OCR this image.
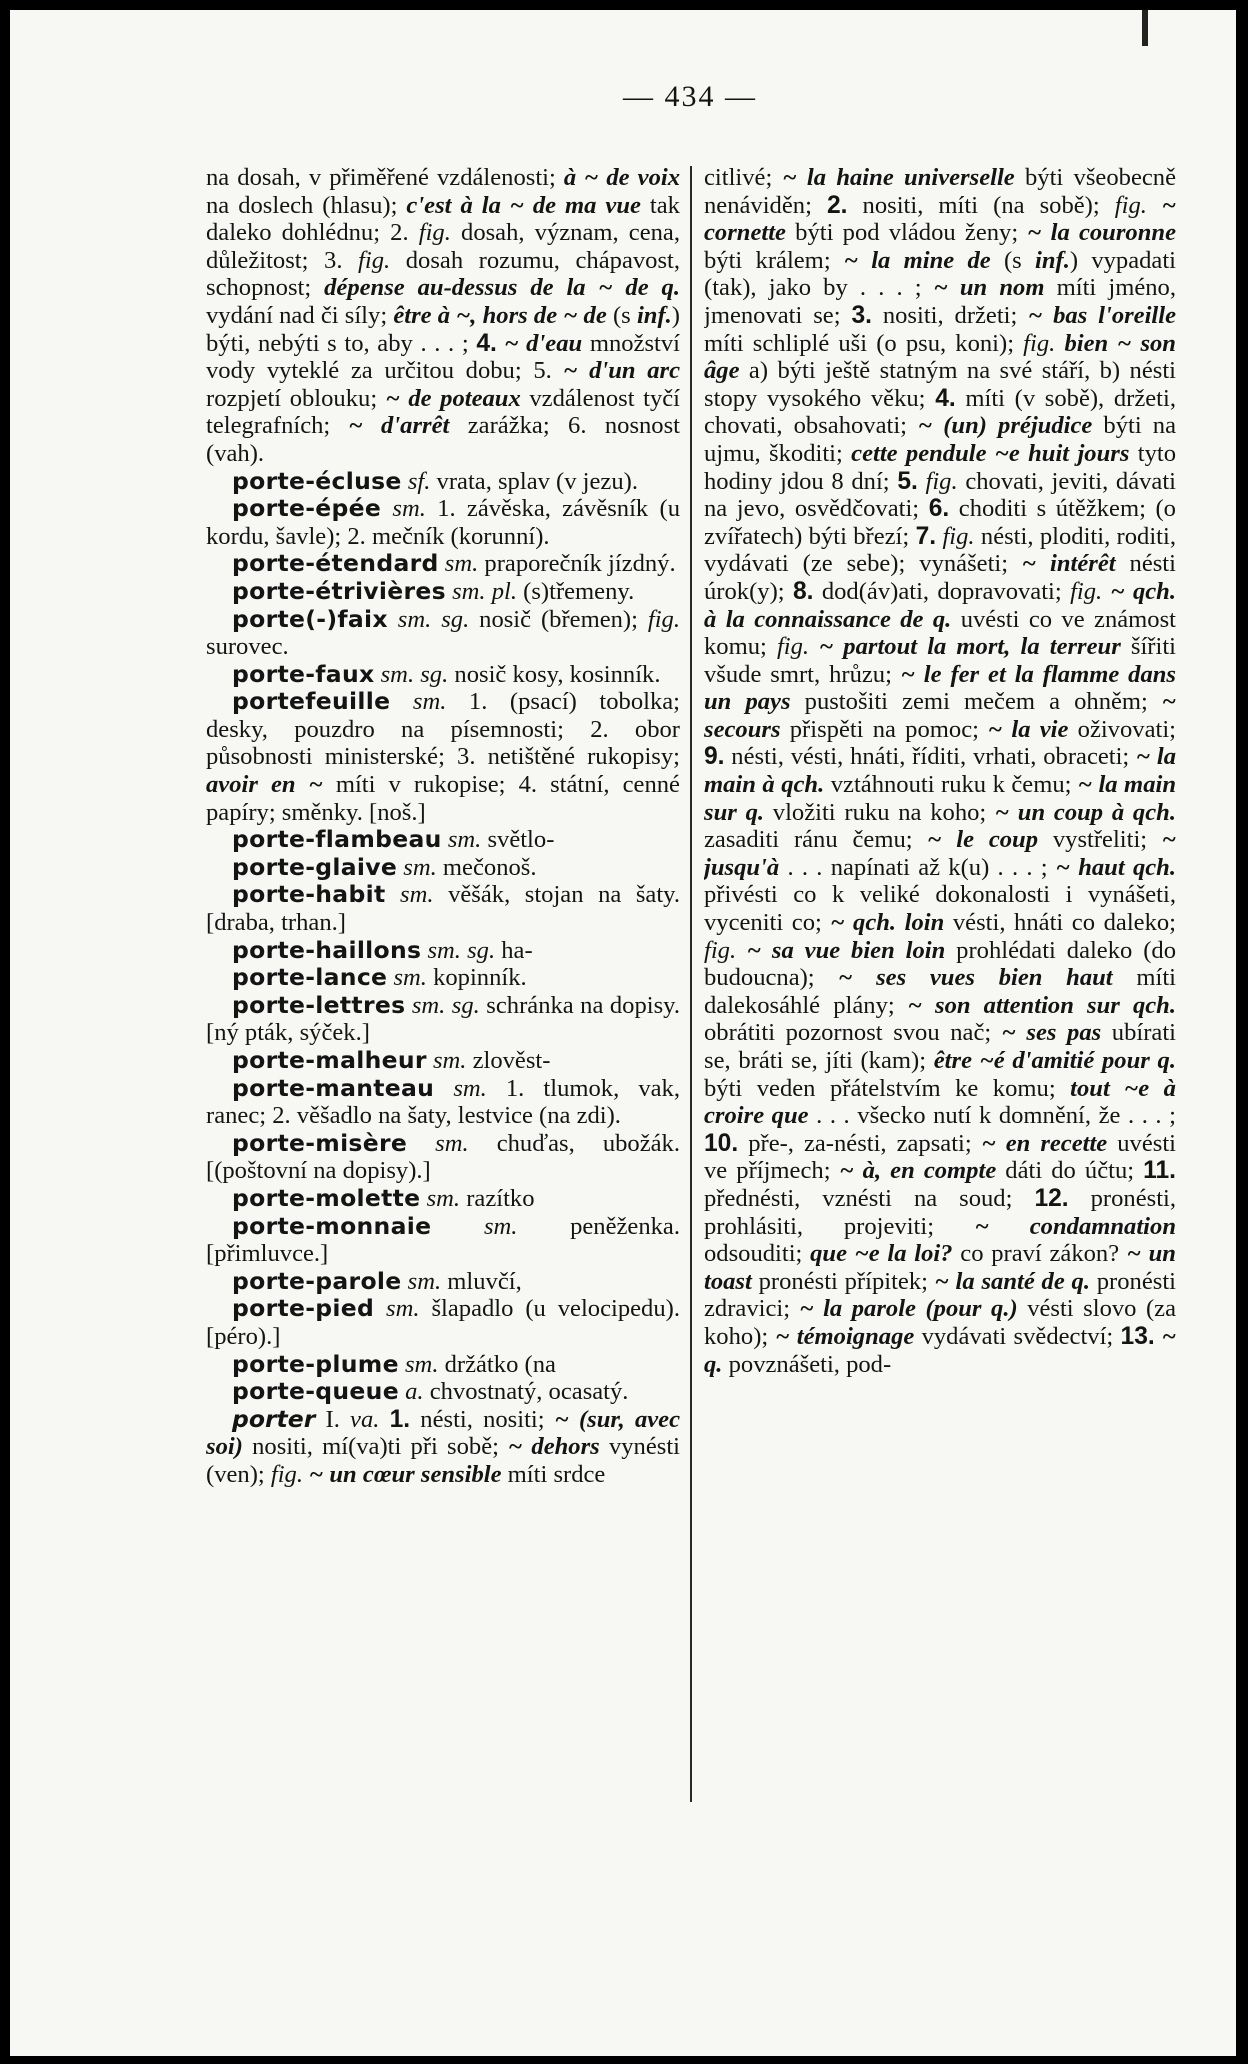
— 434 —

na dosah, v přiměřené vzdálenosti; à ~ de voix na doslech (hlasu); c'est à la ~ de ma vue tak daleko dohlédnu; 2. fig. dosah, význam, cena, důležitost; 3. fig. dosah rozumu, chápavost, schopnost; dépense au-dessus de la ~ de q. vydání nad či síly; être à ~, hors de ~ de (s inf.) býti, nebýti s to, aby . . . ; 4. ~ d'eau množství vody vyteklé za určitou dobu; 5. ~ d'un arc rozpjetí oblouku; ~ de poteaux vzdálenost tyčí telegrafních; ~ d'arrêt zarážka; 6. nosnost (vah).

porte-écluse sf. vrata, splav (v jezu).

porte-épée sm. 1. závěska, závěsník (u kordu, šavle); 2. mečník (korunní).

porte-étendard sm. praporečník jízdný.

porte-étrivières sm. pl. (s)třemeny.

porte(-)faix sm. sg. nosič (břemen); fig. surovec.

porte-faux sm. sg. nosič kosy, kosinník.

portefeuille sm. 1. (psací) tobolka; desky, pouzdro na písemnosti; 2. obor působnosti ministerské; 3. netištěné rukopisy; avoir en ~ míti v rukopise; 4. státní, cenné papíry; směnky. [noš.]

porte-flambeau sm. světlo-

porte-glaive sm. mečonoš.

porte-habit sm. věšák, stojan na šaty. [draba, trhan.]

porte-haillons sm. sg. ha-

porte-lance sm. kopinník.

porte-lettres sm. sg. schránka na dopisy. [ný pták, sýček.]

porte-malheur sm. zlověst-

porte-manteau sm. 1. tlumok, vak, ranec; 2. věšadlo na šaty, lestvice (na zdi).

porte-misère sm. chuďas, ubožák. [(poštovní na dopisy).]

porte-molette sm. razítko

porte-monnaie sm. peněženka. [přimluvce.]

porte-parole sm. mluvčí,

porte-pied sm. šlapadlo (u velocipedu). [péro).]

porte-plume sm. držátko (na

porte-queue a. chvostnatý, ocasatý.

porter I. va. 1. nésti, nositi; ~ (sur, avec soi) nositi, mí(va)ti při sobě; ~ dehors vynésti (ven); fig. ~ un cœur sensible míti srdce

citlivé; ~ la haine universelle býti všeobecně nenáviděn; 2. nositi, míti (na sobě); fig. ~ cornette býti pod vládou ženy; ~ la couronne býti králem; ~ la mine de (s inf.) vypadati (tak), jako by . . . ; ~ un nom míti jméno, jmenovati se; 3. nositi, držeti; ~ bas l'oreille míti schliplé uši (o psu, koni); fig. bien ~ son âge a) býti ještě statným na své stáří, b) nésti stopy vysokého věku; 4. míti (v sobě), držeti, chovati, obsahovati; ~ (un) préjudice býti na ujmu, škoditi; cette pendule ~e huit jours tyto hodiny jdou 8 dní; 5. fig. chovati, jeviti, dávati na jevo, osvědčovati; 6. choditi s útěžkem; (o zvířatech) býti březí; 7. fig. nésti, ploditi, roditi, vydávati (ze sebe); vynášeti; ~ intérêt nésti úrok(y); 8. dod(áv)ati, dopravovati; fig. ~ qch. à la connaissance de q. uvésti co ve známost komu; fig. ~ partout la mort, la terreur šířiti všude smrt, hrůzu; ~ le fer et la flamme dans un pays pustošiti zemi mečem a ohněm; ~ secours přispěti na pomoc; ~ la vie oživovati; 9. nésti, vésti, hnáti, říditi, vrhati, obraceti; ~ la main à qch. vztáhnouti ruku k čemu; ~ la main sur q. vložiti ruku na koho; ~ un coup à qch. zasaditi ránu čemu; ~ le coup vystřeliti; ~ jusqu'à . . . napínati až k(u) . . . ; ~ haut qch. přivésti co k veliké dokonalosti i vynášeti, vyceniti co; ~ qch. loin vésti, hnáti co daleko; fig. ~ sa vue bien loin prohlédati daleko (do budoucna); ~ ses vues bien haut míti dalekosáhlé plány; ~ son attention sur qch. obrátiti pozornost svou nač; ~ ses pas ubírati se, bráti se, jíti (kam); être ~é d'amitié pour q. býti veden přátelstvím ke komu; tout ~e à croire que . . . všecko nutí k domnění, že . . . ; 10. pře-, za-nésti, zapsati; ~ en recette uvésti ve příjmech; ~ à, en compte dáti do účtu; 11. přednésti, vznésti na soud; 12. pronésti, prohlásiti, projeviti; ~ condamnation odsouditi; que ~e la loi? co praví zákon? ~ un toast pronésti přípitek; ~ la santé de q. pronésti zdravici; ~ la parole (pour q.) vésti slovo (za koho); ~ témoignage vydávati svědectví; 13. ~ q. povznášeti, pod-
